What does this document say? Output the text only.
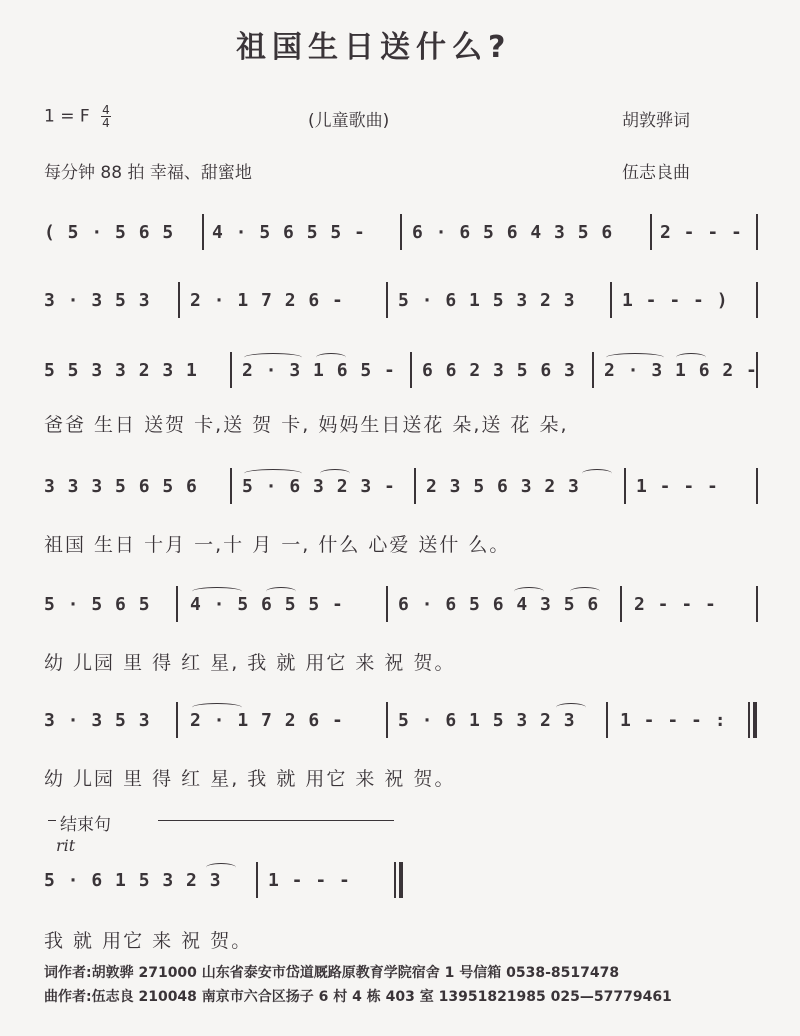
祖国生日送什么?
1 = F $\frac{4}{4}$	(儿童歌曲)	胡敦骅词
每分钟 88 拍 幸福、甜蜜地	伍志良曲
( 5 · 5 6 5	4 · 5 6 5 5 -	6 · 6 5 6 4 3 5 6	2 - - -
3 · 3 5 3	2 · 1 7 2 6 -	5 · 6 1 5 3 2 3	1 - - - )
5 5 3 3 2 3 1	2 · 3 1 6 5 -	6 6 2 3 5 6 3	2 · 3 1 6 2 -
爸爸 生日 送贺 卡,送 贺 卡, 妈妈生日送花 朵,送 花 朵,
3 3 3 5 6 5 6	5 · 6 3 2 3 -	2 3 5 6 3 2 3	1 - - -
祖国 生日 十月 一,十 月 一, 什么 心爱 送什 么。
5 · 5 6 5	4 · 5 6 5 5 -	6 · 6 5 6 4 3 5 6	2 - - -
幼 儿园 里 得 红 星, 我 就 用它 来 祝 贺。
3 · 3 5 3	2 · 1 7 2 6 -	5 · 6 1 5 3 2 3	1 - - - :
幼 儿园 里 得 红 星, 我 就 用它 来 祝 贺。
结束句
rit
5 · 6 1 5 3 2 3	1 - - -
我 就 用它 来 祝 贺。
词作者:胡敦骅 271000 山东省泰安市岱道厩路原教育学院宿舍 1 号信箱 0538-8517478
曲作者:伍志良 210048 南京市六合区扬子 6 村 4 栋 403 室 13951821985 025—57779461
